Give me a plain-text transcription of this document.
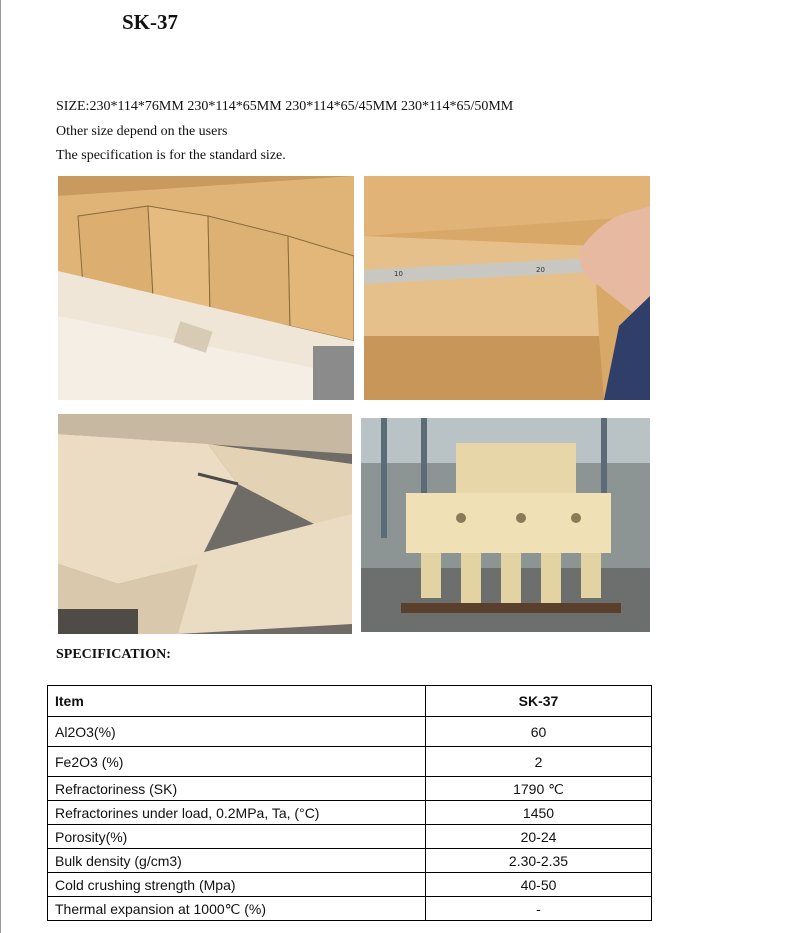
SK-37
SIZE:230*114*76MM 230*114*65MM 230*114*65/45MM 230*114*65/50MM
Other size depend on the users
The specification is for the standard size.
10	20
SPECIFICATION:
Item	SK-37
Al2O3(%)	60
Fe2O3 (%)	2
Refractoriness (SK)	1790 ℃
Refractorines under load, 0.2MPa, Ta, (°C)	1450
Porosity(%)	20-24
Bulk density (g/cm3)	2.30-2.35
Cold crushing strength (Mpa)	40-50
Thermal expansion at 1000℃ (%)	-
